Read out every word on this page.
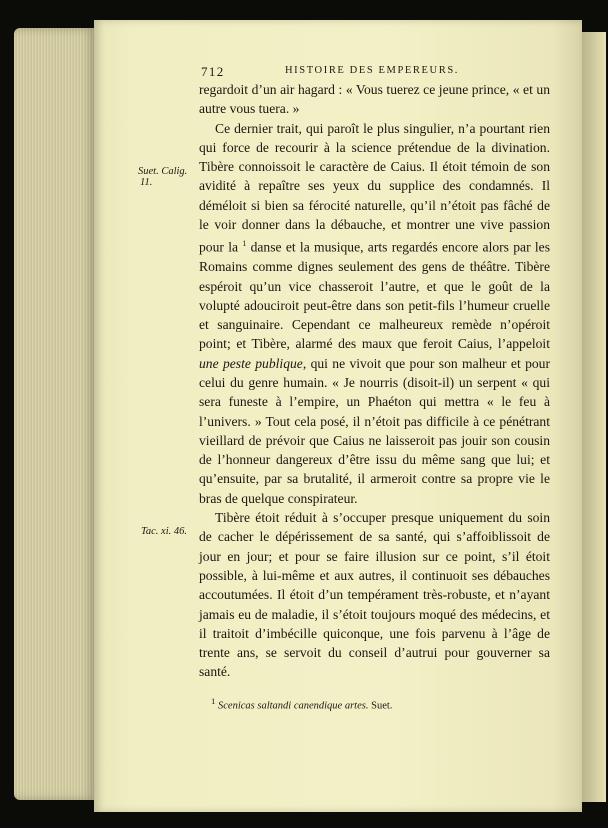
712	HISTOIRE DES EMPEREURS.
Suet. Calig.
11.
Tac. xi. 46.

regardoit d’un air hagard : « Vous tuerez ce jeune prince, « et un autre vous tuera. »

Ce dernier trait, qui paroît le plus singulier, n’a pourtant rien qui force de recourir à la science prétendue de la divination. Tibère connoissoit le caractère de Caius. Il étoit témoin de son avidité à repaître ses yeux du supplice des condamnés. Il déméloit si bien sa férocité naturelle, qu’il n’étoit pas fâché de le voir donner dans la débauche, et montrer une vive passion pour la $^1$ danse et la musique, arts regardés encore alors par les Romains comme dignes seulement des gens de théâtre. Tibère espéroit qu’un vice chasseroit l’autre, et que le goût de la volupté adouciroit peut-être dans son petit-fils l’humeur cruelle et sanguinaire. Cependant ce malheureux remède n’opéroit point; et Tibère, alarmé des maux que feroit Caius, l’appeloit une peste publique, qui ne vivoit que pour son malheur et pour celui du genre humain. « Je nourris (disoit-il) un serpent « qui sera funeste à l’empire, un Phaéton qui mettra « le feu à l’univers. » Tout cela posé, il n’étoit pas difficile à ce pénétrant vieillard de prévoir que Caius ne laisseroit pas jouir son cousin de l’honneur dangereux d’être issu du même sang que lui; et qu’ensuite, par sa brutalité, il armeroit contre sa propre vie le bras de quelque conspirateur.

Tibère étoit réduit à s’occuper presque uniquement du soin de cacher le dépérissement de sa santé, qui s’affoiblissoit de jour en jour; et pour se faire illusion sur ce point, s’il étoit possible, à lui-même et aux autres, il continuoit ses débauches accoutumées. Il étoit d’un tempérament très-robuste, et n’ayant jamais eu de maladie, il s’étoit toujours moqué des médecins, et il traitoit d’imbécille quiconque, une fois parvenu à l’âge de trente ans, se servoit du conseil d’autrui pour gouverner sa santé.

$^1$ Scenicas saltandi canendique artes. Suet.
